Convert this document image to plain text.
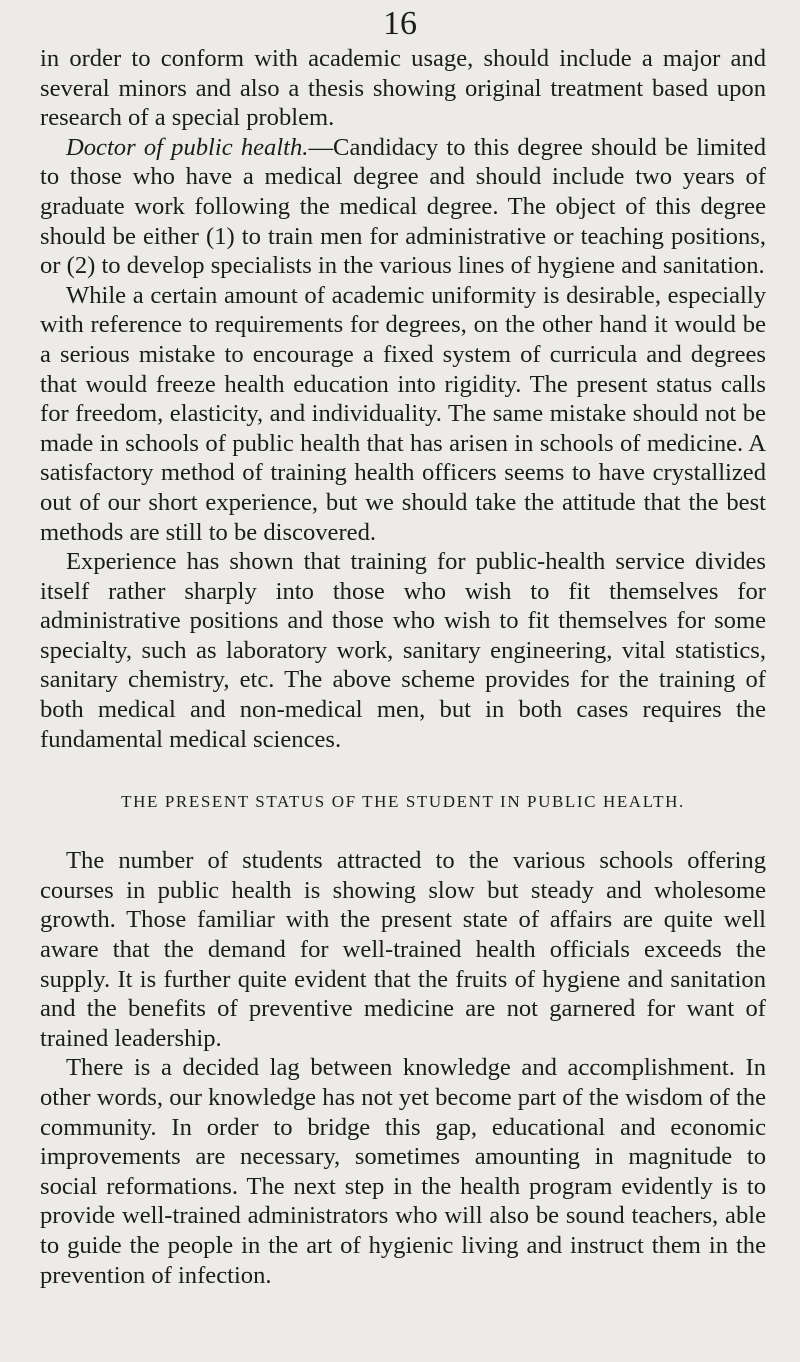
16

in order to conform with academic usage, should include a major and several minors and also a thesis showing original treatment based upon research of a special problem.

Doctor of public health.—Candidacy to this degree should be limited to those who have a medical degree and should include two years of graduate work following the medical degree. The object of this degree should be either (1) to train men for administrative or teaching positions, or (2) to develop specialists in the various lines of hygiene and sanitation.

While a certain amount of academic uniformity is desirable, especially with reference to requirements for degrees, on the other hand it would be a serious mistake to encourage a fixed system of curricula and degrees that would freeze health education into rigidity. The present status calls for freedom, elasticity, and individuality. The same mistake should not be made in schools of public health that has arisen in schools of medicine. A satisfactory method of training health officers seems to have crystallized out of our short experience, but we should take the attitude that the best methods are still to be discovered.

Experience has shown that training for public-health service divides itself rather sharply into those who wish to fit themselves for administrative positions and those who wish to fit themselves for some specialty, such as laboratory work, sanitary engineering, vital statistics, sanitary chemistry, etc. The above scheme provides for the training of both medical and non-medical men, but in both cases requires the fundamental medical sciences.

THE PRESENT STATUS OF THE STUDENT IN PUBLIC HEALTH.

The number of students attracted to the various schools offering courses in public health is showing slow but steady and wholesome growth. Those familiar with the present state of affairs are quite well aware that the demand for well-trained health officials exceeds the supply. It is further quite evident that the fruits of hygiene and sanitation and the benefits of preventive medicine are not garnered for want of trained leadership.

There is a decided lag between knowledge and accomplishment. In other words, our knowledge has not yet become part of the wisdom of the community. In order to bridge this gap, educational and economic improvements are necessary, sometimes amounting in magnitude to social reformations. The next step in the health program evidently is to provide well-trained administrators who will also be sound teachers, able to guide the people in the art of hygienic living and instruct them in the prevention of infection.
